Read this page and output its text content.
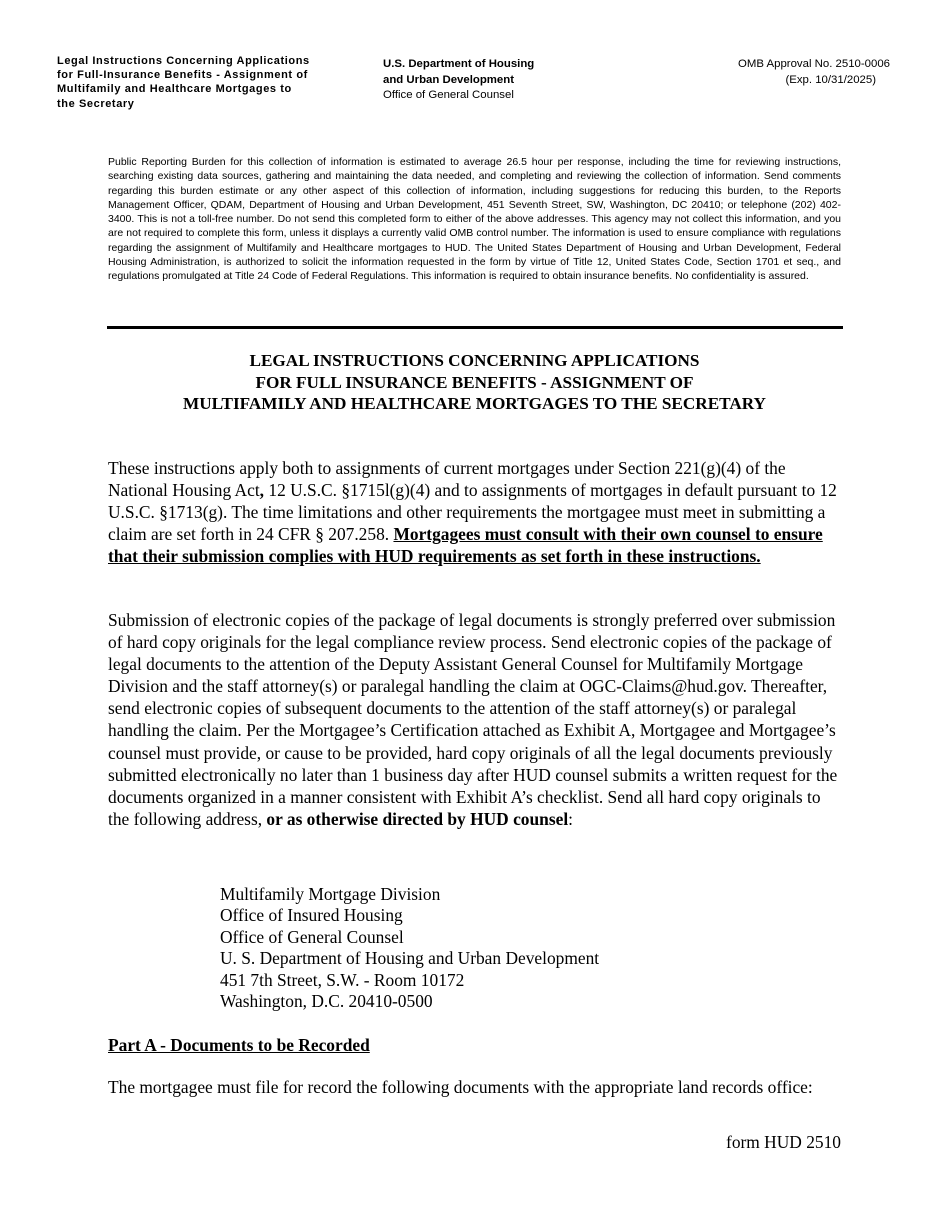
Legal Instructions Concerning Applications for Full-Insurance Benefits - Assignment of Multifamily and Healthcare Mortgages to the Secretary
U.S. Department of Housing
and Urban Development
Office of General Counsel
OMB Approval No. 2510-0006
(Exp. 10/31/2025)

Public Reporting Burden for this collection of information is estimated to average 26.5 hour per response, including the time for reviewing instructions, searching existing data sources, gathering and maintaining the data needed, and completing and reviewing the collection of information. Send comments regarding this burden estimate or any other aspect of this collection of information, including suggestions for reducing this burden, to the Reports Management Officer, QDAM, Department of Housing and Urban Development, 451 Seventh Street, SW, Washington, DC 20410; or telephone (202) 402-3400. This is not a toll-free number. Do not send this completed form to either of the above addresses. This agency may not collect this information, and you are not required to complete this form, unless it displays a currently valid OMB control number. The information is used to ensure compliance with regulations regarding the assignment of Multifamily and Healthcare mortgages to HUD. The United States Department of Housing and Urban Development, Federal Housing Administration, is authorized to solicit the information requested in the form by virtue of Title 12, United States Code, Section 1701 et seq., and regulations promulgated at Title 24 Code of Federal Regulations. This information is required to obtain insurance benefits. No confidentiality is assured.

LEGAL INSTRUCTIONS CONCERNING APPLICATIONS
FOR FULL INSURANCE BENEFITS - ASSIGNMENT OF
MULTIFAMILY AND HEALTHCARE MORTGAGES TO THE SECRETARY

These instructions apply both to assignments of current mortgages under Section 221(g)(4) of the National Housing Act, 12 U.S.C. §1715l(g)(4) and to assignments of mortgages in default pursuant to 12 U.S.C. §1713(g). The time limitations and other requirements the mortgagee must meet in submitting a claim are set forth in 24 CFR § 207.258. Mortgagees must consult with their own counsel to ensure that their submission complies with HUD requirements as set forth in these instructions.

Submission of electronic copies of the package of legal documents is strongly preferred over submission of hard copy originals for the legal compliance review process. Send electronic copies of the package of legal documents to the attention of the Deputy Assistant General Counsel for Multifamily Mortgage Division and the staff attorney(s) or paralegal handling the claim at OGC-Claims@hud.gov. Thereafter, send electronic copies of subsequent documents to the attention of the staff attorney(s) or paralegal handling the claim. Per the Mortgagee’s Certification attached as Exhibit A, Mortgagee and Mortgagee’s counsel must provide, or cause to be provided, hard copy originals of all the legal documents previously submitted electronically no later than 1 business day after HUD counsel submits a written request for the documents organized in a manner consistent with Exhibit A’s checklist. Send all hard copy originals to the following address, or as otherwise directed by HUD counsel:

Multifamily Mortgage Division
Office of Insured Housing
Office of General Counsel
U. S. Department of Housing and Urban Development
451 7th Street, S.W. - Room 10172
Washington, D.C. 20410-0500
Part A - Documents to be Recorded

The mortgagee must file for record the following documents with the appropriate land records office:

form HUD 2510
